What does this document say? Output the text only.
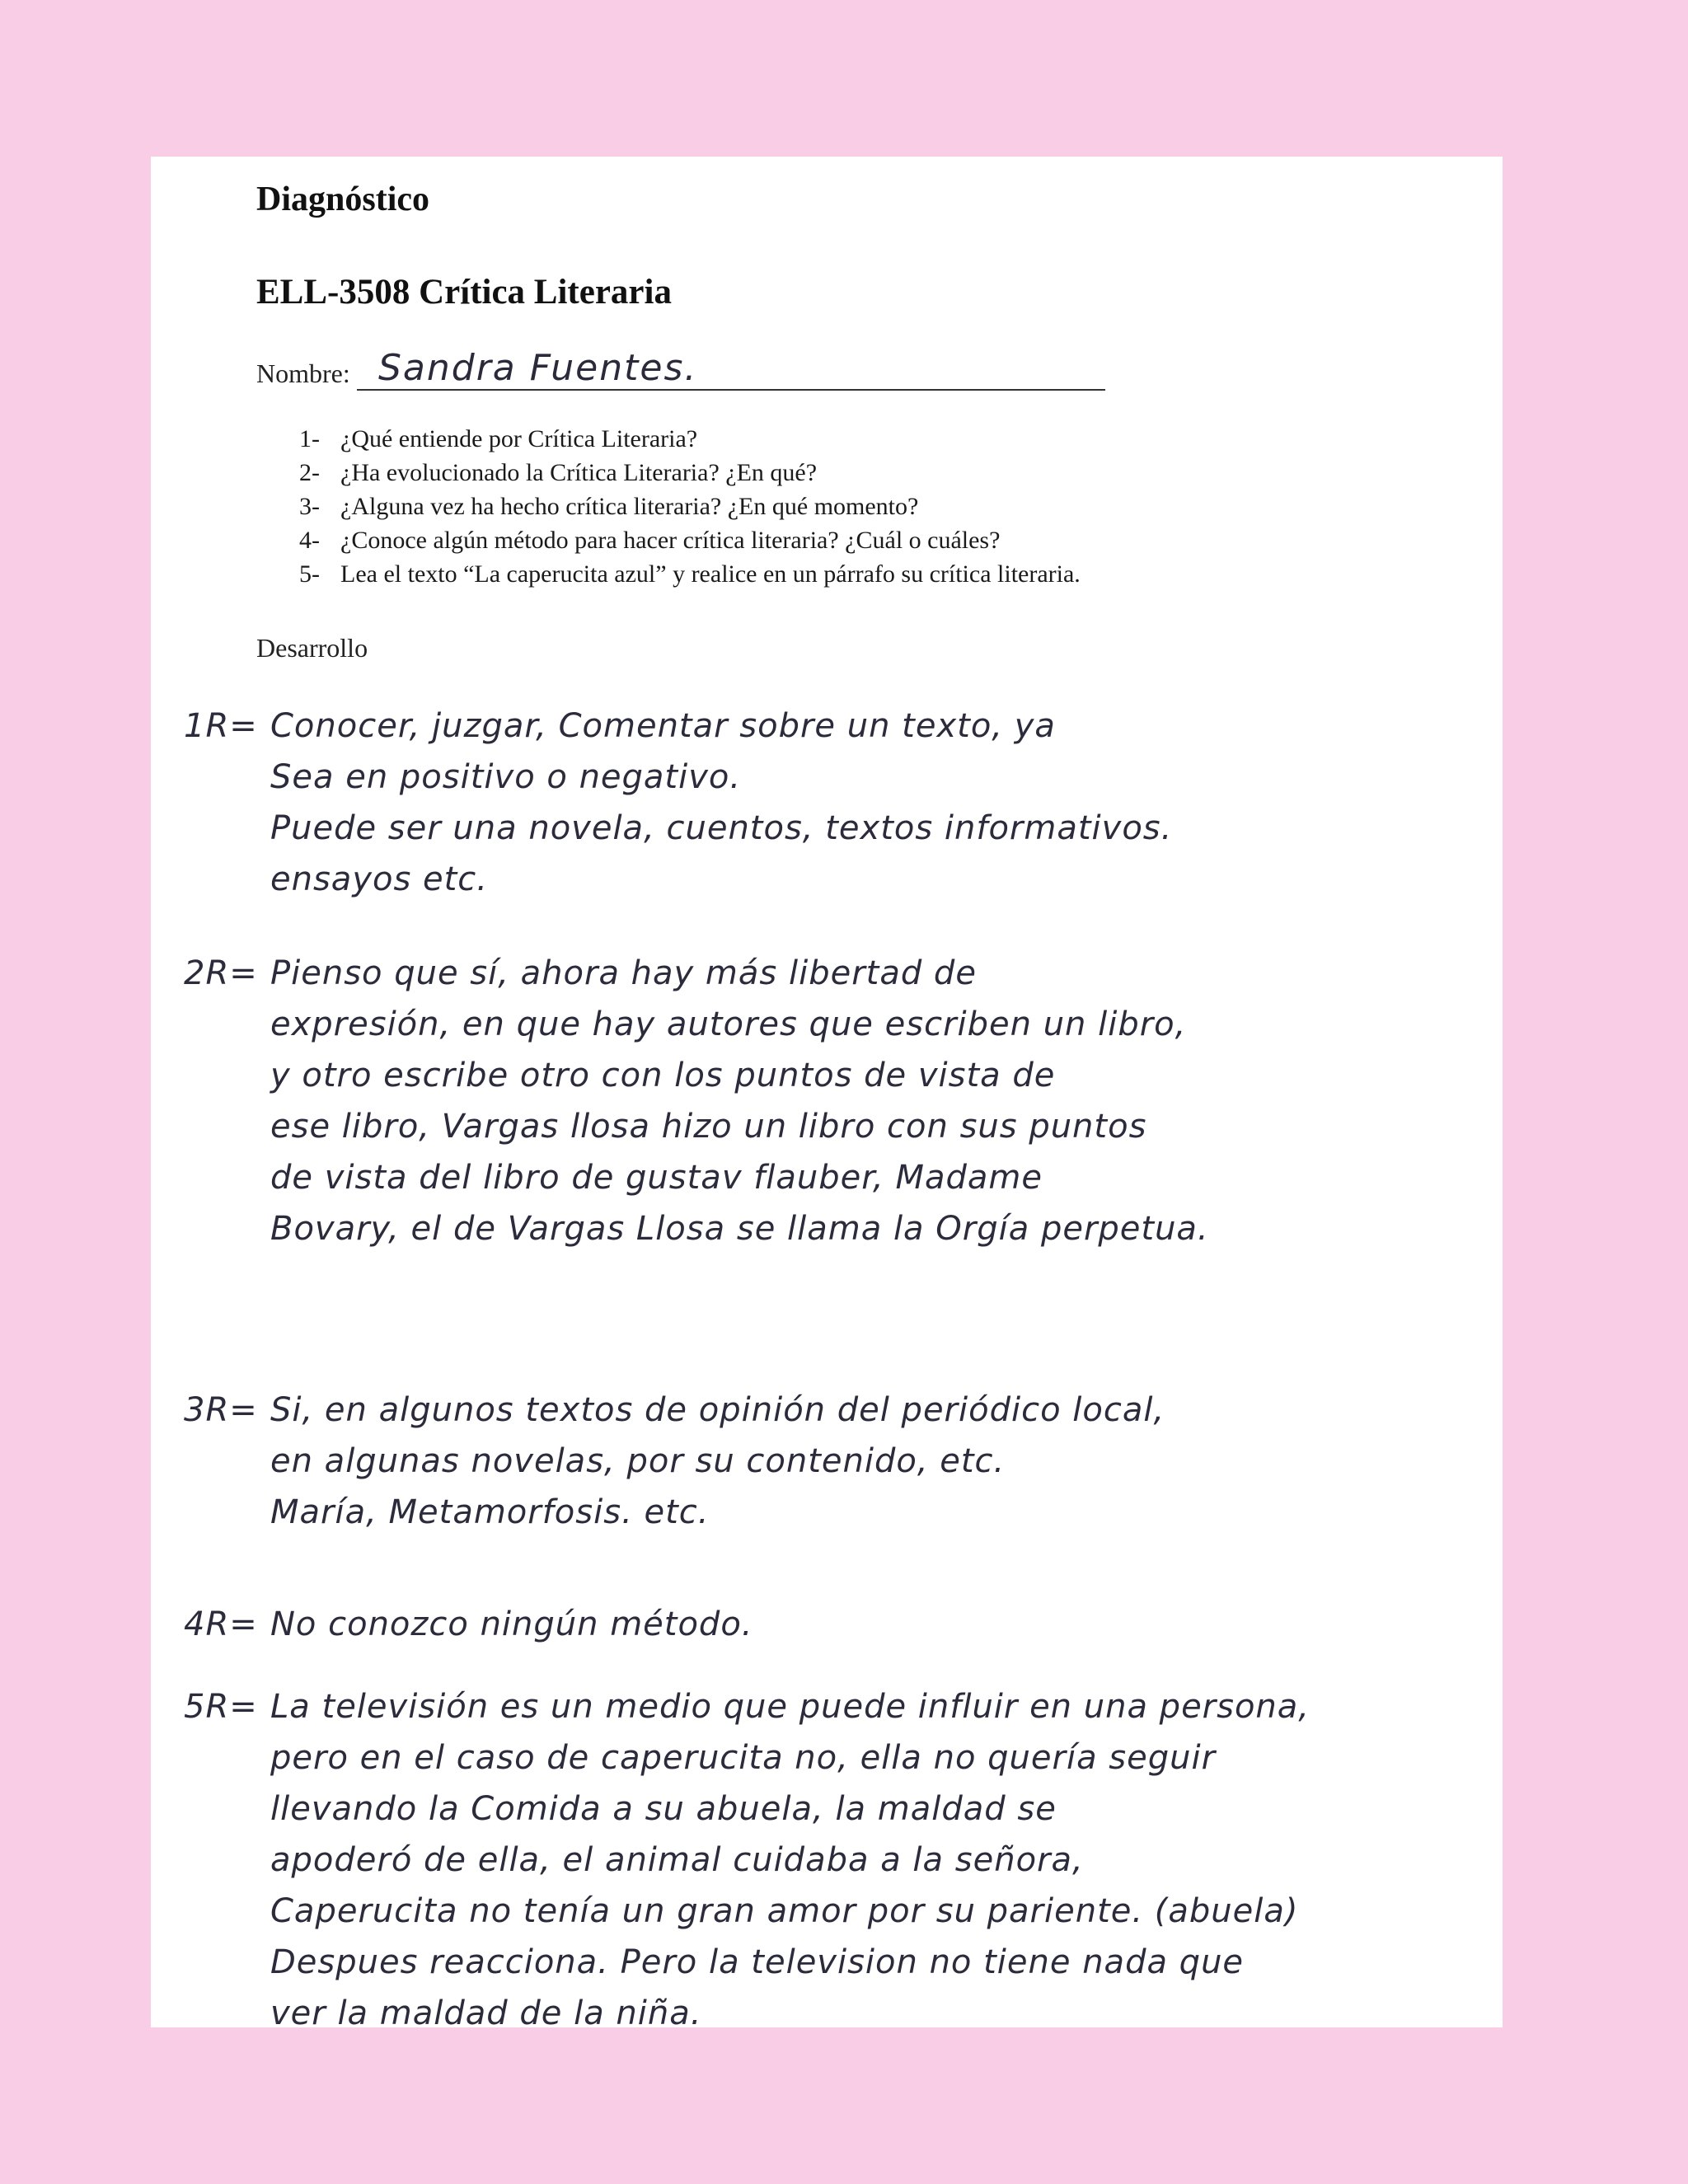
Diagnóstico
ELL-3508 Crítica Literaria
Nombre: Sandra Fuentes.
1- ¿Qué entiende por Crítica Literaria?
2- ¿Ha evolucionado la Crítica Literaria? ¿En qué?
3- ¿Alguna vez ha hecho crítica literaria? ¿En qué momento?
4- ¿Conoce algún método para hacer crítica literaria? ¿Cuál o cuáles?
5- Lea el texto “La caperucita azul” y realice en un párrafo su crítica literaria.
Desarrollo
1R= Conocer, juzgar, Comentar sobre un texto, ya
Sea en positivo o negativo.
Puede ser una novela, cuentos, textos informativos.
ensayos etc.
2R= Pienso que sí, ahora hay más libertad de
expresión, en que hay autores que escriben un libro,
y otro escribe otro con los puntos de vista de
ese libro, Vargas llosa hizo un libro con sus puntos
de vista del libro de gustav flauber, Madame
Bovary, el de Vargas Llosa se llama la Orgía perpetua.
3R= Si, en algunos textos de opinión del periódico local,
en algunas novelas, por su contenido, etc.
María, Metamorfosis. etc.
4R= No conozco ningún método.
5R= La televisión es un medio que puede influir en una persona,
pero en el caso de caperucita no, ella no quería seguir
llevando la Comida a su abuela, la maldad se
apoderó de ella, el animal cuidaba a la señora,
Caperucita no tenía un gran amor por su pariente. (abuela)
Despues reacciona. Pero la television no tiene nada que
ver la maldad de la niña.
